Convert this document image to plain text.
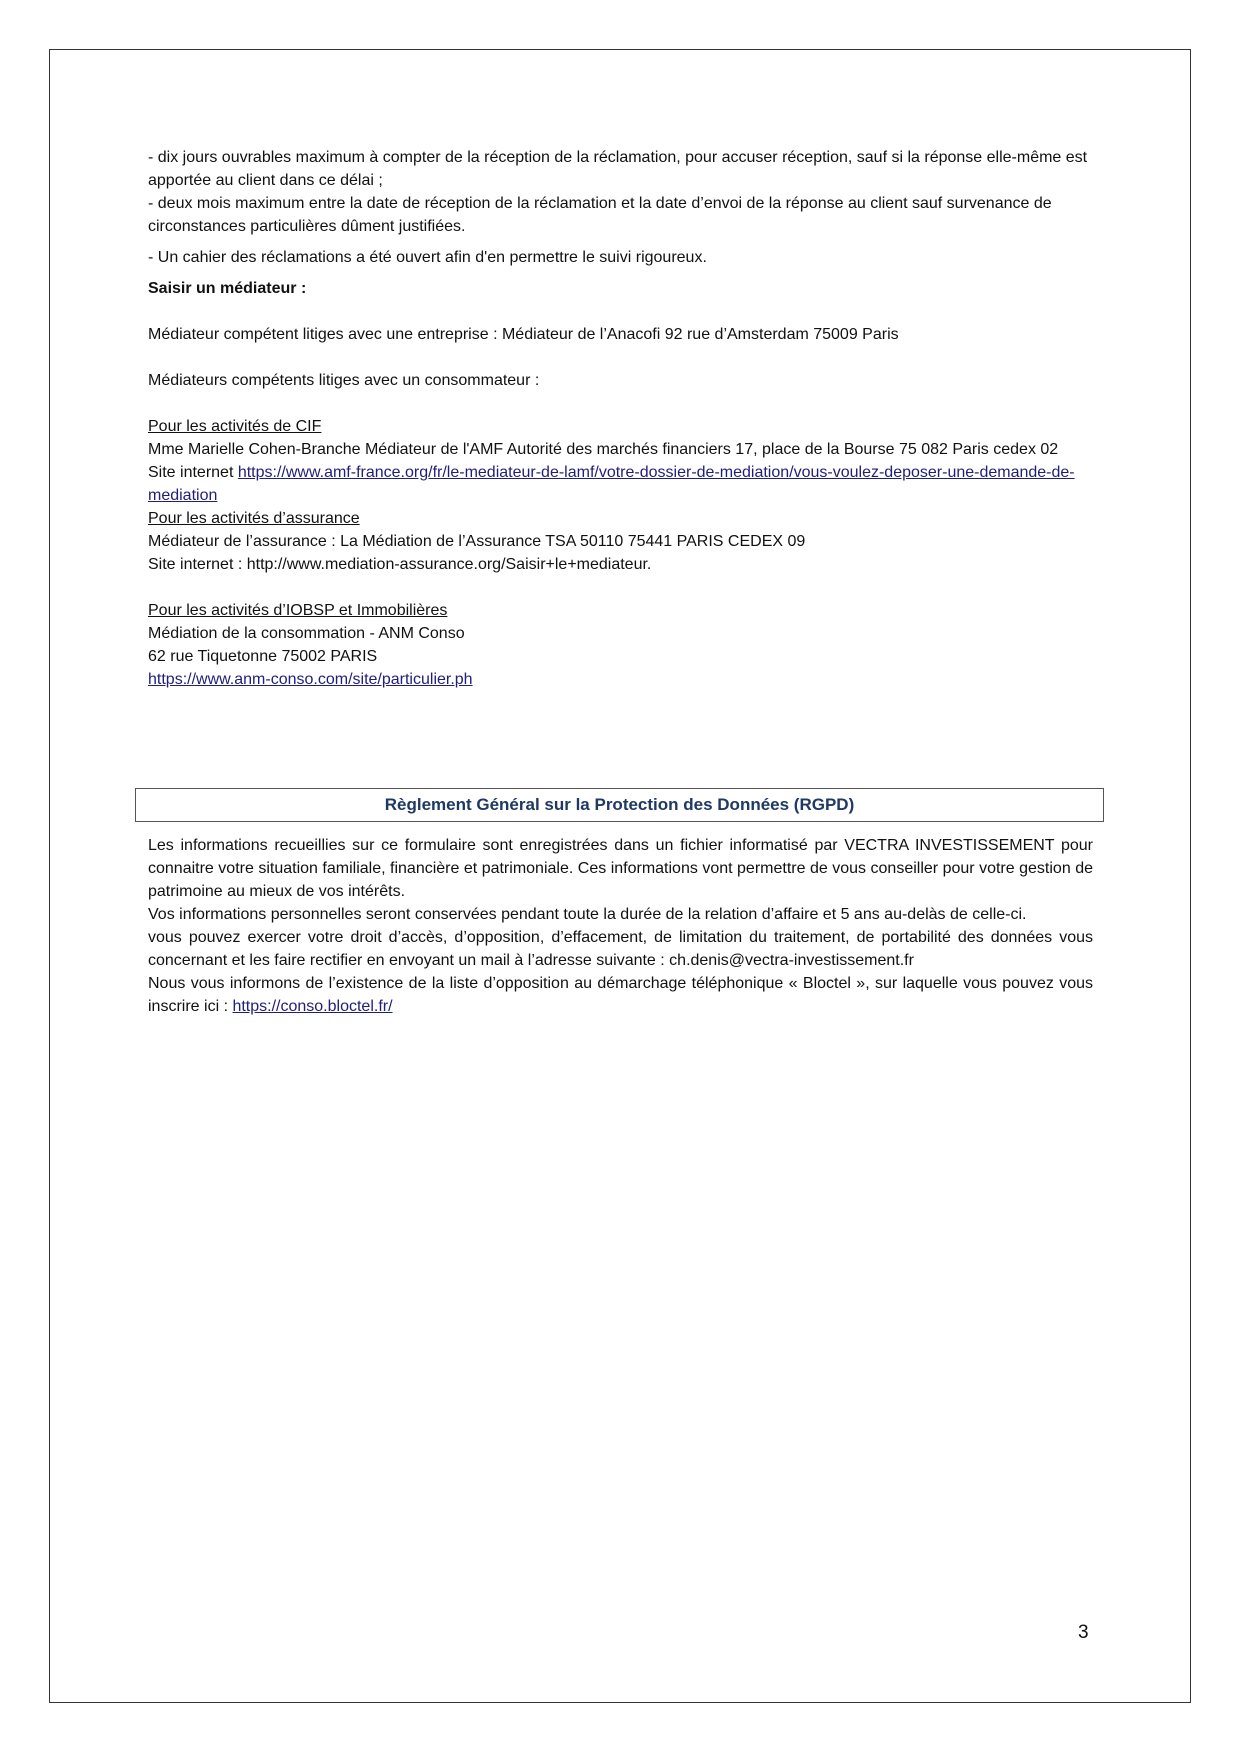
- dix jours ouvrables maximum à compter de la réception de la réclamation, pour accuser réception, sauf si la réponse elle-même est apportée au client dans ce délai ;

- deux mois maximum entre la date de réception de la réclamation et la date d’envoi de la réponse au client sauf survenance de circonstances particulières dûment justifiées.

- Un cahier des réclamations a été ouvert afin d'en permettre le suivi rigoureux.

Saisir un médiateur :

Médiateur compétent litiges avec une entreprise : Médiateur de l’Anacofi 92 rue d’Amsterdam 75009 Paris

Médiateurs compétents litiges avec un consommateur :

Pour les activités de CIF

Mme Marielle Cohen-Branche Médiateur de l'AMF Autorité des marchés financiers 17, place de la Bourse 75 082 Paris cedex 02

Site internet https://www.amf-france.org/fr/le-mediateur-de-lamf/votre-dossier-de-mediation/vous-voulez-deposer-une-demande-de-mediation

Pour les activités d’assurance

Médiateur de l’assurance : La Médiation de l’Assurance TSA 50110 75441 PARIS CEDEX 09

Site internet : http://www.mediation-assurance.org/Saisir+le+mediateur.

Pour les activités d’IOBSP et Immobilières

Médiation de la consommation - ANM Conso

62 rue Tiquetonne 75002 PARIS

https://www.anm-conso.com/site/particulier.ph

Règlement Général sur la Protection des Données (RGPD)

Les informations recueillies sur ce formulaire sont enregistrées dans un fichier informatisé par VECTRA INVESTISSEMENT pour connaitre votre situation familiale, financière et patrimoniale. Ces informations vont permettre de vous conseiller pour votre gestion de patrimoine au mieux de vos intérêts.

Vos informations personnelles seront conservées pendant toute la durée de la relation d’affaire et 5 ans au-delàs de celle-ci.

vous pouvez exercer votre droit d’accès, d’opposition, d’effacement, de limitation du traitement, de portabilité des données vous concernant et les faire rectifier en envoyant un mail à l’adresse suivante : ch.denis@vectra-investissement.fr

Nous vous informons de l’existence de la liste d’opposition au démarchage téléphonique « Bloctel », sur laquelle vous pouvez vous inscrire ici : https://conso.bloctel.fr/

3
